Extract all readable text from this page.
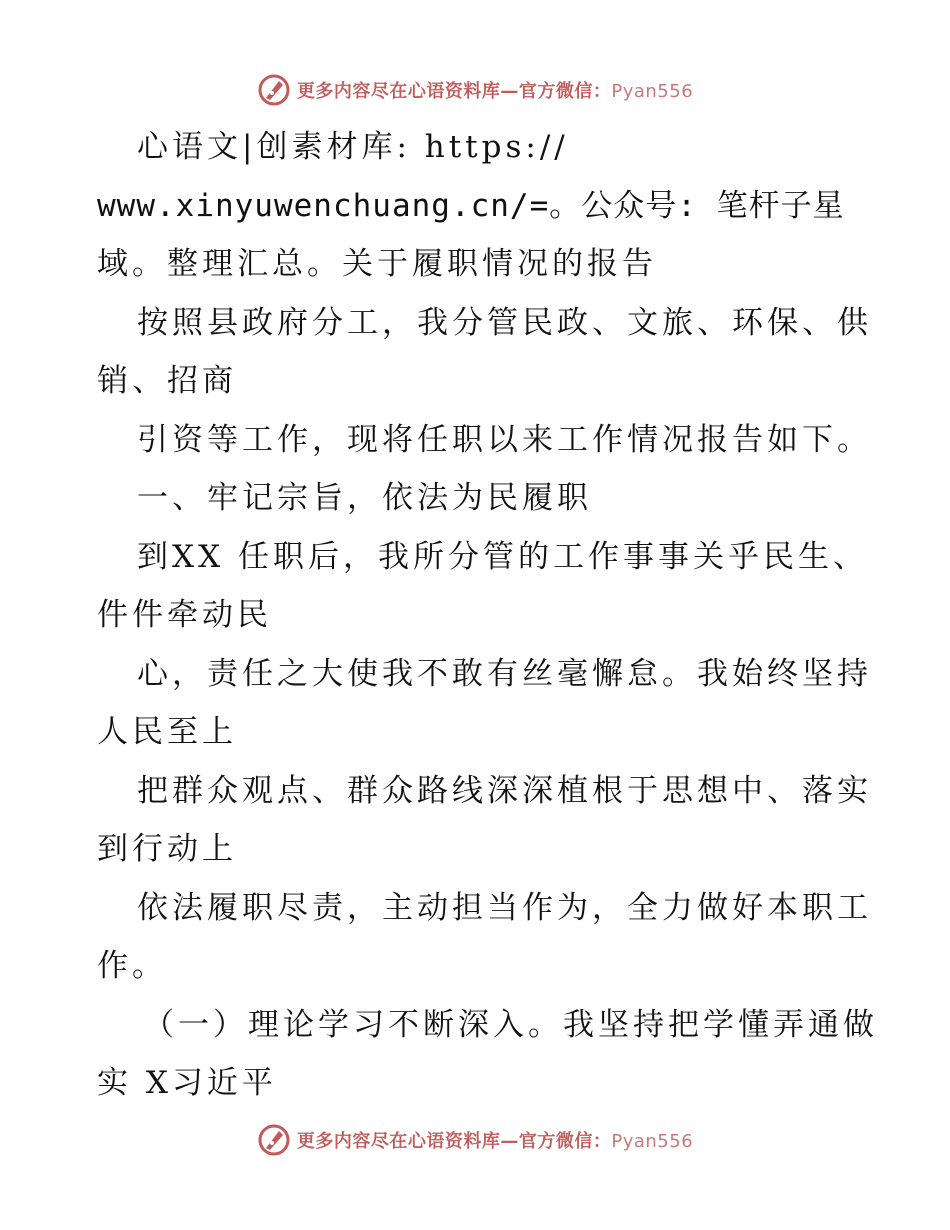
更多内容尽在心语资料库—官方微信：Pyan556

心语文|创素材库: https://

www.xinyuwenchuang.cn/=。公众号: 笔杆子星

域。整理汇总。关于履职情况的报告

按照县政府分工，我分管民政、文旅、环保、供

销、招商

引资等工作，现将任职以来工作情况报告如下。

一、牢记宗旨，依法为民履职

到XX 任职后，我所分管的工作事事关乎民生、

件件牵动民

心，责任之大使我不敢有丝毫懈怠。我始终坚持

人民至上

把群众观点、群众路线深深植根于思想中、落实

到行动上

依法履职尽责，主动担当作为，全力做好本职工

作。

（一）理论学习不断深入。我坚持把学懂弄通做

实 X习近平

更多内容尽在心语资料库—官方微信：Pyan556
